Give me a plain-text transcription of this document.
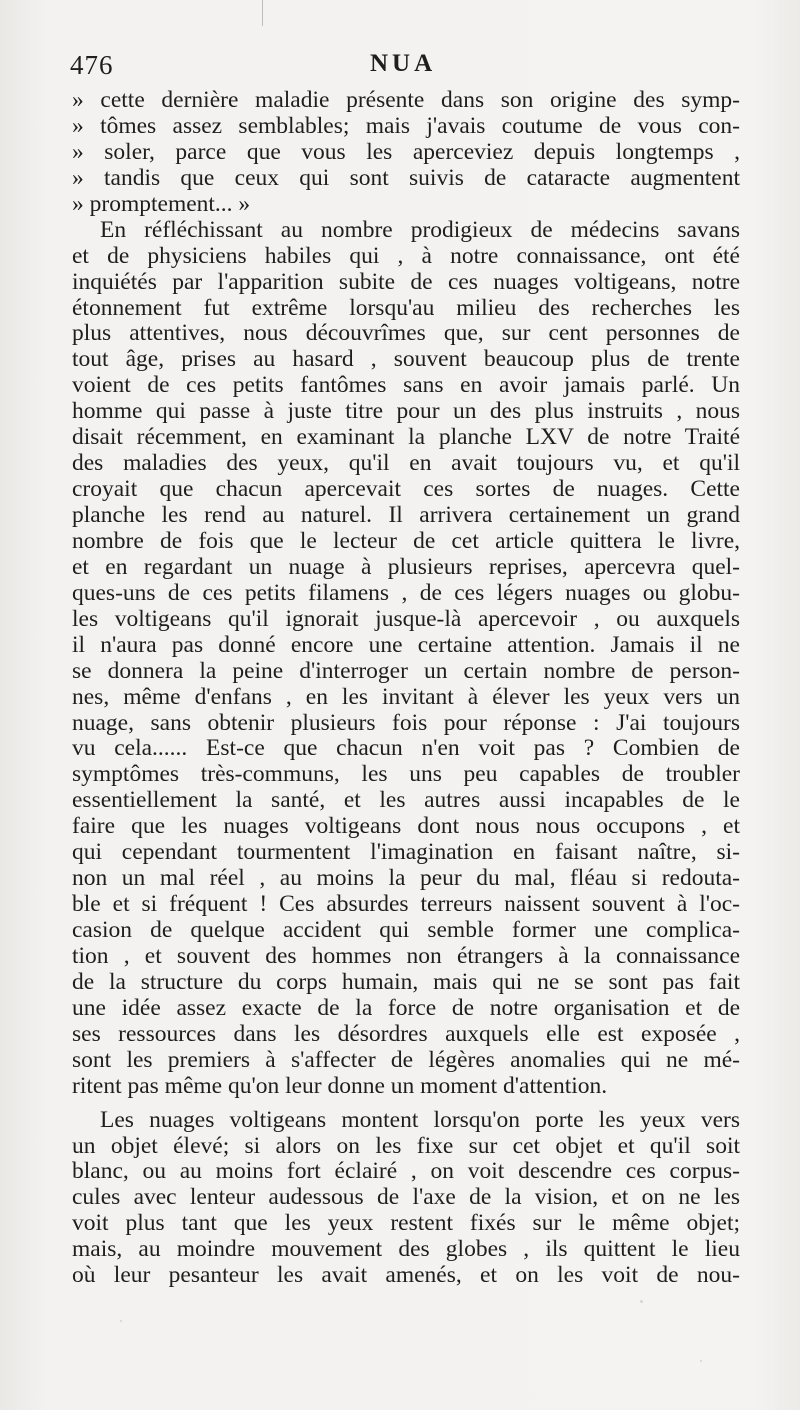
476	NUA
» cette dernière maladie présente dans son origine des symp-
» tômes assez semblables; mais j'avais coutume de vous con-
» soler, parce que vous les aperceviez depuis longtemps ,
» tandis que ceux qui sont suivis de cataracte augmentent
» promptement... »
En réfléchissant au nombre prodigieux de médecins savans
et de physiciens habiles qui , à notre connaissance, ont été
inquiétés par l'apparition subite de ces nuages voltigeans, notre
étonnement fut extrême lorsqu'au milieu des recherches les
plus attentives, nous découvrîmes que, sur cent personnes de
tout âge, prises au hasard , souvent beaucoup plus de trente
voient de ces petits fantômes sans en avoir jamais parlé. Un
homme qui passe à juste titre pour un des plus instruits , nous
disait récemment, en examinant la planche LXV de notre Traité
des maladies des yeux, qu'il en avait toujours vu, et qu'il
croyait que chacun apercevait ces sortes de nuages. Cette
planche les rend au naturel. Il arrivera certainement un grand
nombre de fois que le lecteur de cet article quittera le livre,
et en regardant un nuage à plusieurs reprises, apercevra quel-
ques-uns de ces petits filamens , de ces légers nuages ou globu-
les voltigeans qu'il ignorait jusque-là apercevoir , ou auxquels
il n'aura pas donné encore une certaine attention. Jamais il ne
se donnera la peine d'interroger un certain nombre de person-
nes, même d'enfans , en les invitant à élever les yeux vers un
nuage, sans obtenir plusieurs fois pour réponse : J'ai toujours
vu cela...... Est-ce que chacun n'en voit pas ? Combien de
symptômes très-communs, les uns peu capables de troubler
essentiellement la santé, et les autres aussi incapables de le
faire que les nuages voltigeans dont nous nous occupons , et
qui cependant tourmentent l'imagination en faisant naître, si-
non un mal réel , au moins la peur du mal, fléau si redouta-
ble et si fréquent ! Ces absurdes terreurs naissent souvent à l'oc-
casion de quelque accident qui semble former une complica-
tion , et souvent des hommes non étrangers à la connaissance
de la structure du corps humain, mais qui ne se sont pas fait
une idée assez exacte de la force de notre organisation et de
ses ressources dans les désordres auxquels elle est exposée ,
sont les premiers à s'affecter de légères anomalies qui ne mé-
ritent pas même qu'on leur donne un moment d'attention.
Les nuages voltigeans montent lorsqu'on porte les yeux vers
un objet élevé; si alors on les fixe sur cet objet et qu'il soit
blanc, ou au moins fort éclairé , on voit descendre ces corpus-
cules avec lenteur audessous de l'axe de la vision, et on ne les
voit plus tant que les yeux restent fixés sur le même objet;
mais, au moindre mouvement des globes , ils quittent le lieu
où leur pesanteur les avait amenés, et on les voit de nou-
